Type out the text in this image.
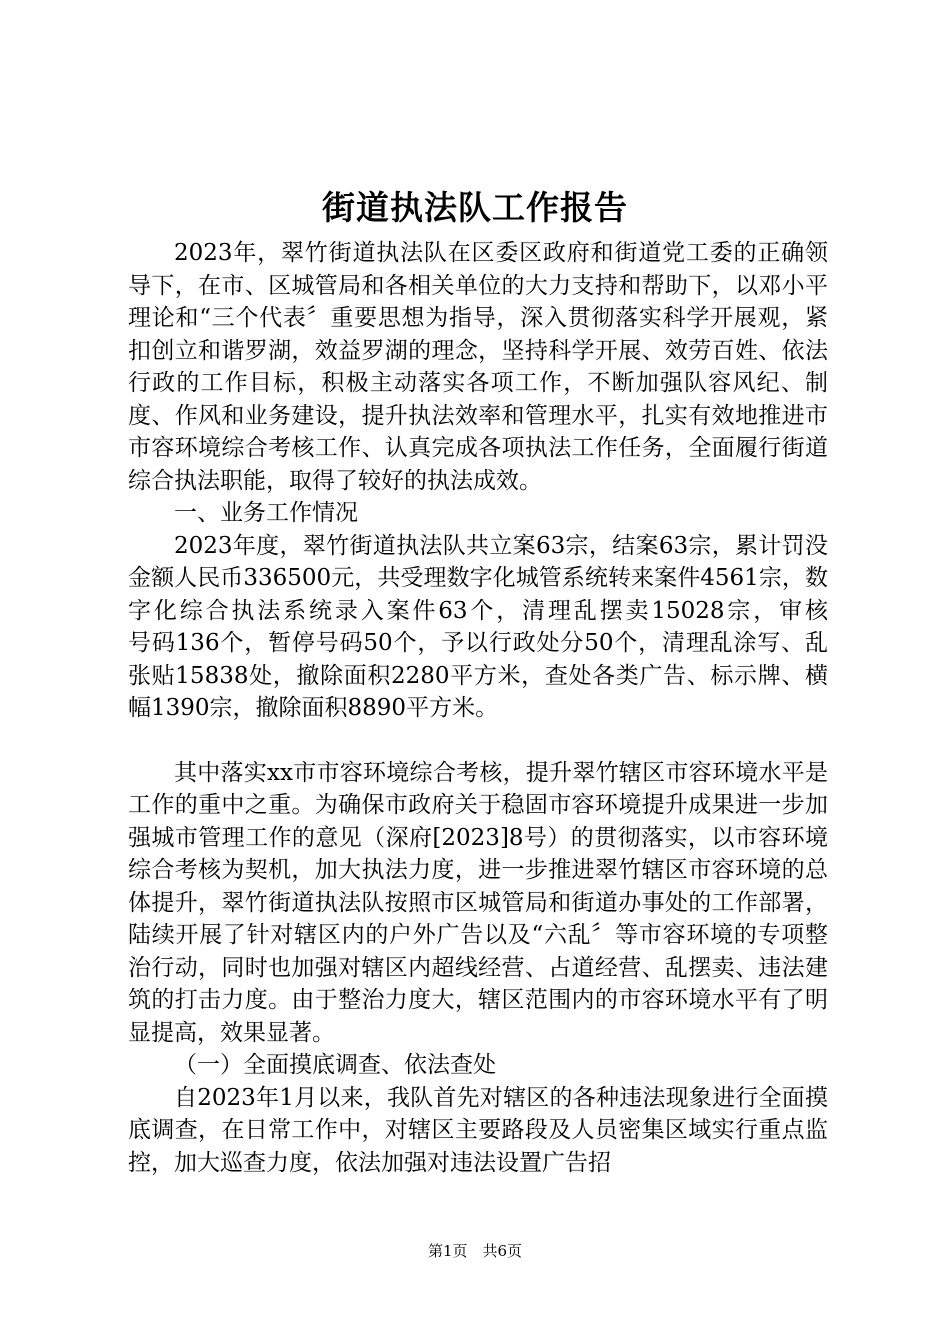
街道执法队工作报告

2023年，翠竹街道执法队在区委区政府和街道党工委的正确领导下，在市、区城管局和各相关单位的大力支持和帮助下，以邓小平理论和“三个代表〞重要思想为指导，深入贯彻落实科学开展观，紧扣创立和谐罗湖，效益罗湖的理念，坚持科学开展、效劳百姓、依法行政的工作目标，积极主动落实各项工作，不断加强队容风纪、制度、作风和业务建设，提升执法效率和管理水平，扎实有效地推进市市容环境综合考核工作、认真完成各项执法工作任务，全面履行街道综合执法职能，取得了较好的执法成效。

一、业务工作情况

2023年度，翠竹街道执法队共立案63宗，结案63宗，累计罚没金额人民币336500元，共受理数字化城管系统转来案件4561宗，数字化综合执法系统录入案件63个，清理乱摆卖15028宗，审核　　号码136个，暂停号码50个，予以行政处分50个，清理乱涂写、乱张贴15838处，撤除面积2280平方米，查处各类广告、标示牌、横幅1390宗，撤除面积8890平方米。

其中落实xx市市容环境综合考核，提升翠竹辖区市容环境水平是工作的重中之重。为确保市政府关于稳固市容环境提升成果进一步加强城市管理工作的意见（深府[2023]8号）的贯彻落实，以市容环境综合考核为契机，加大执法力度，进一步推进翠竹辖区市容环境的总体提升，翠竹街道执法队按照市区城管局和街道办事处的工作部署，陆续开展了针对辖区内的户外广告以及“六乱〞等市容环境的专项整治行动，同时也加强对辖区内超线经营、占道经营、乱摆卖、违法建筑的打击力度。由于整治力度大，辖区范围内的市容环境水平有了明显提高，效果显著。

（一）全面摸底调查、依法查处

自2023年1月以来，我队首先对辖区的各种违法现象进行全面摸底调查，在日常工作中，对辖区主要路段及人员密集区域实行重点监控，加大巡查力度，依法加强对违法设置广告招

第1页　共6页
